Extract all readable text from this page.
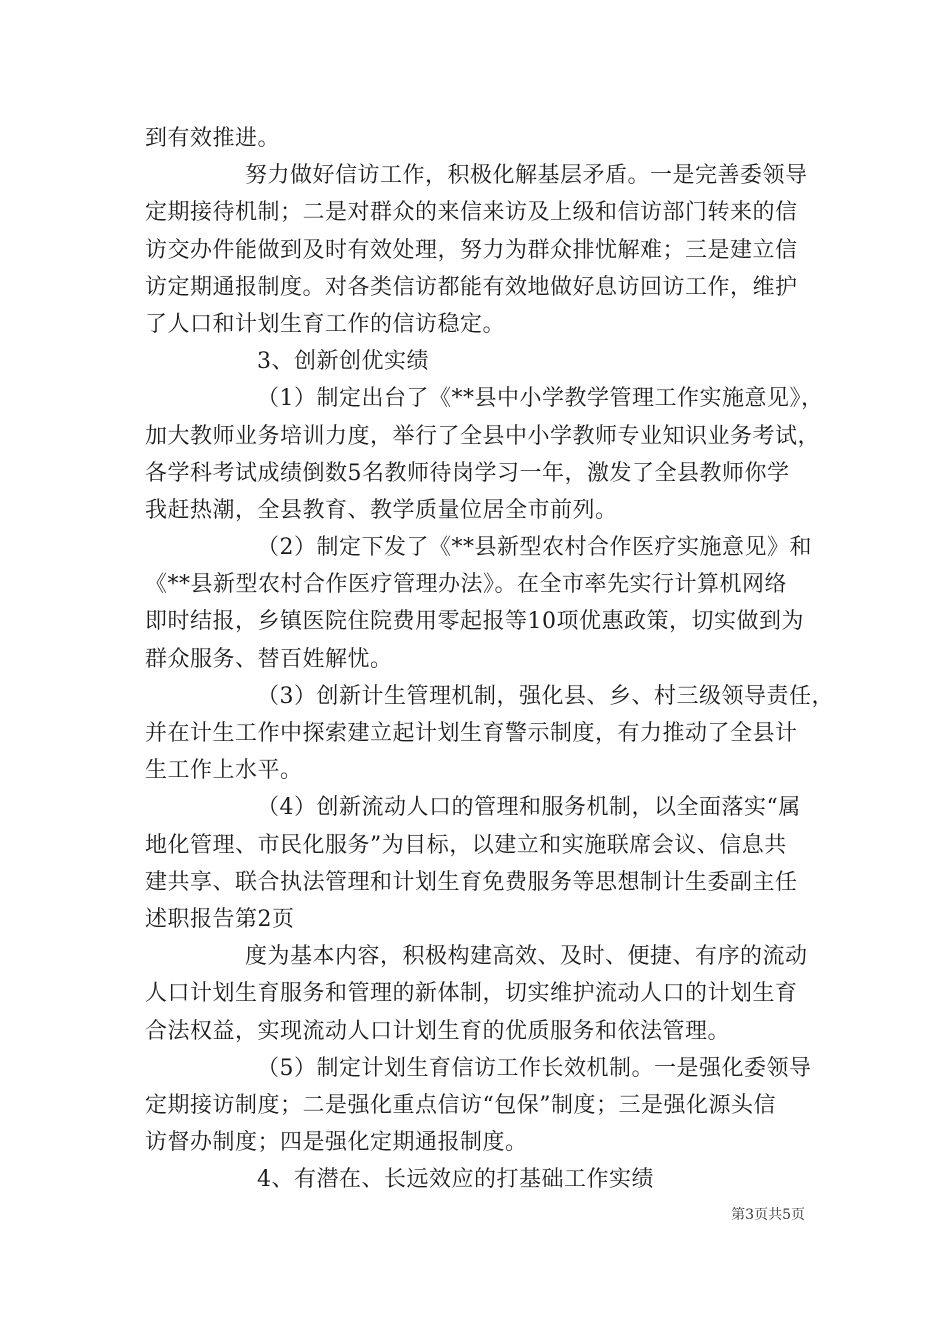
到有效推进。
努力做好信访工作，积极化解基层矛盾。一是完善委领导
定期接待机制；二是对群众的来信来访及上级和信访部门转来的信
访交办件能做到及时有效处理，努力为群众排忧解难；三是建立信
访定期通报制度。对各类信访都能有效地做好息访回访工作，维护
了人口和计划生育工作的信访稳定。
3、创新创优实绩
（1）制定出台了《**县中小学教学管理工作实施意见》，
加大教师业务培训力度，举行了全县中小学教师专业知识业务考试，
各学科考试成绩倒数5名教师待岗学习一年，激发了全县教师你学
我赶热潮，全县教育、教学质量位居全市前列。
（2）制定下发了《**县新型农村合作医疗实施意见》和
《**县新型农村合作医疗管理办法》。在全市率先实行计算机网络
即时结报，乡镇医院住院费用零起报等10项优惠政策，切实做到为
群众服务、替百姓解忧。
（3）创新计生管理机制，强化县、乡、村三级领导责任，
并在计生工作中探索建立起计划生育警示制度，有力推动了全县计
生工作上水平。
（4）创新流动人口的管理和服务机制，以全面落实“属
地化管理、市民化服务”为目标，以建立和实施联席会议、信息共
建共享、联合执法管理和计划生育免费服务等思想制计生委副主任
述职报告第2页
度为基本内容，积极构建高效、及时、便捷、有序的流动
人口计划生育服务和管理的新体制，切实维护流动人口的计划生育
合法权益，实现流动人口计划生育的优质服务和依法管理。
（5）制定计划生育信访工作长效机制。一是强化委领导
定期接访制度；二是强化重点信访“包保”制度；三是强化源头信
访督办制度；四是强化定期通报制度。
4、有潜在、长远效应的打基础工作实绩
第3页共5页
